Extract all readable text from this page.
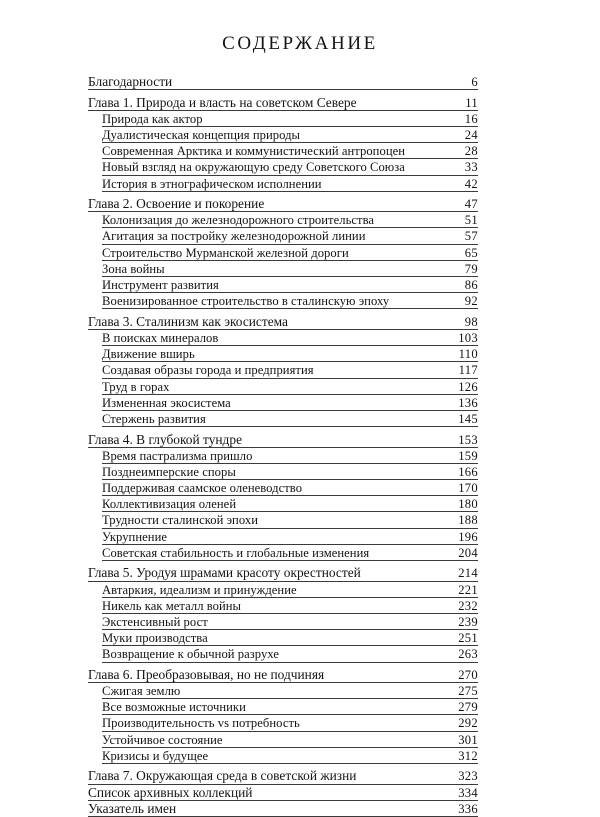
СОДЕРЖАНИЕ
Благодарности	6
Глава 1. Природа и власть на советском Севере	11
Природа как актор	16
Дуалистическая концепция природы	24
Современная Арктика и коммунистический антропоцен	28
Новый взгляд на окружающую среду Советского Союза	33
История в этнографическом исполнении	42
Глава 2. Освоение и покорение	47
Колонизация до железнодорожного строительства	51
Агитация за постройку железнодорожной линии	57
Строительство Мурманской железной дороги	65
Зона войны	79
Инструмент развития	86
Военизированное строительство в сталинскую эпоху	92
Глава 3. Сталинизм как экосистема	98
В поисках минералов	103
Движение вширь	110
Создавая образы города и предприятия	117
Труд в горах	126
Измененная экосистема	136
Стержень развития	145
Глава 4. В глубокой тундре	153
Время пастрализма пришло	159
Позднеимперские споры	166
Поддерживая саамское оленеводство	170
Коллективизация оленей	180
Трудности сталинской эпохи	188
Укрупнение	196
Советская стабильность и глобальные изменения	204
Глава 5. Уродуя шрамами красоту окрестностей	214
Автаркия, идеализм и принуждение	221
Никель как металл войны	232
Экстенсивный рост	239
Муки производства	251
Возвращение к обычной разрухе	263
Глава 6. Преобразовывая, но не подчиняя	270
Сжигая землю	275
Все возможные источники	279
Производительность vs потребность	292
Устойчивое состояние	301
Кризисы и будущее	312
Глава 7. Окружающая среда в советской жизни	323
Список архивных коллекций	334
Указатель имен	336
